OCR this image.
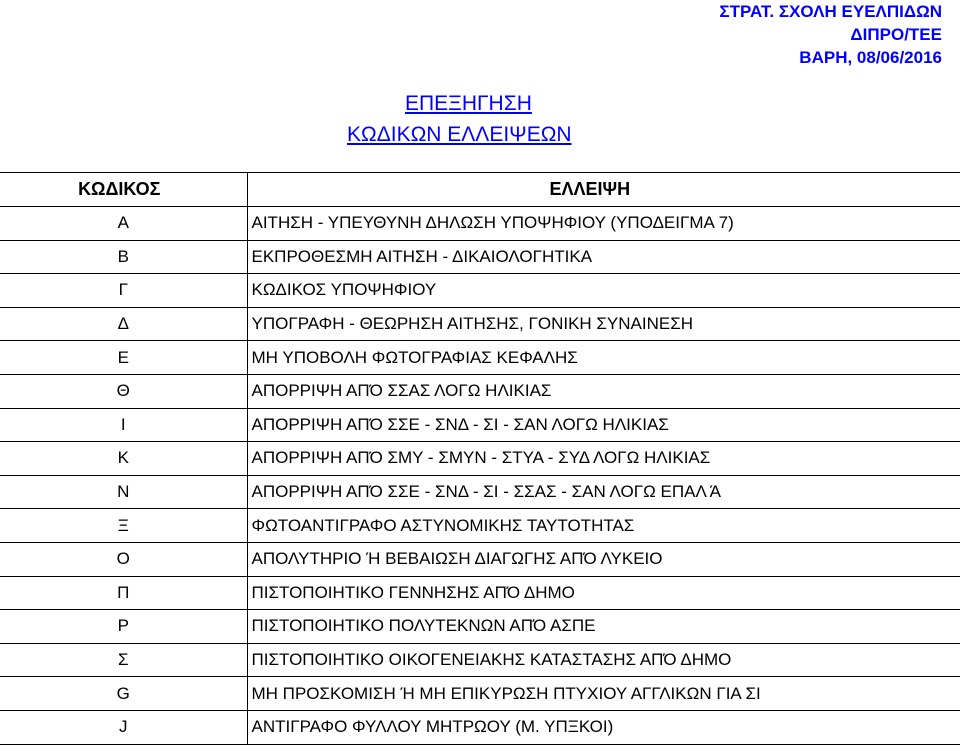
ΣΤΡΑΤ. ΣΧΟΛΗ ΕΥΕΛΠΙΔΩΝ
ΔΙΠΡΟ/ΤΕΕ
ΒΑΡΗ, 08/06/2016
ΕΠΕΞΗΓΗΣΗ
ΚΩΔΙΚΩΝ ΕΛΛΕΙΨΕΩΝ
ΚΩΔΙΚΟΣ	ΕΛΛΕΙΨΗ
Α	ΑΙΤΗΣΗ - ΥΠΕΥΘΥΝΗ ΔΗΛΩΣΗ ΥΠΟΨΗΦΙΟΥ (ΥΠΟΔΕΙΓΜΑ 7)
Β	ΕΚΠΡΟΘΕΣΜΗ ΑΙΤΗΣΗ - ΔΙΚΑΙΟΛΟΓΗΤΙΚΑ
Γ	ΚΩΔΙΚΟΣ ΥΠΟΨΗΦΙΟΥ
Δ	ΥΠΟΓΡΑΦΗ - ΘΕΩΡΗΣΗ ΑΙΤΗΣΗΣ, ΓΟΝΙΚΗ ΣΥΝΑΙΝΕΣΗ
Ε	ΜΗ ΥΠΟΒΟΛΗ ΦΩΤΟΓΡΑΦΙΑΣ ΚΕΦΑΛΗΣ
Θ	ΑΠΟΡΡΙΨΗ ΑΠΌ ΣΣΑΣ ΛΟΓΩ ΗΛΙΚΙΑΣ
Ι	ΑΠΟΡΡΙΨΗ ΑΠΌ ΣΣΕ - ΣΝΔ - ΣΙ - ΣΑΝ ΛΟΓΩ ΗΛΙΚΙΑΣ
Κ	ΑΠΟΡΡΙΨΗ ΑΠΌ ΣΜΥ - ΣΜΥΝ - ΣΤΥΑ - ΣΥΔ ΛΟΓΩ ΗΛΙΚΙΑΣ
Ν	ΑΠΟΡΡΙΨΗ ΑΠΌ ΣΣΕ - ΣΝΔ - ΣΙ - ΣΣΑΣ - ΣΑΝ ΛΟΓΩ ΕΠΑΛ Ά
Ξ	ΦΩΤΟΑΝΤΙΓΡΑΦΟ ΑΣΤΥΝΟΜΙΚΗΣ ΤΑΥΤΟΤΗΤΑΣ
Ο	ΑΠΟΛΥΤΗΡΙΟ Ή ΒΕΒΑΙΩΣΗ ΔΙΑΓΩΓΗΣ ΑΠΌ ΛΥΚΕΙΟ
Π	ΠΙΣΤΟΠΟΙΗΤΙΚΟ ΓΕΝΝΗΣΗΣ ΑΠΌ ΔΗΜΟ
Ρ	ΠΙΣΤΟΠΟΙΗΤΙΚΟ ΠΟΛΥΤΕΚΝΩΝ ΑΠΌ ΑΣΠΕ
Σ	ΠΙΣΤΟΠΟΙΗΤΙΚΟ ΟΙΚΟΓΕΝΕΙΑΚΗΣ ΚΑΤΑΣΤΑΣΗΣ ΑΠΌ ΔΗΜΟ
G	ΜΗ ΠΡΟΣΚΟΜΙΣΗ Ή ΜΗ ΕΠΙΚΥΡΩΣΗ ΠΤΥΧΙΟΥ ΑΓΓΛΙΚΩΝ ΓΙΑ ΣΙ
J	ΑΝΤΙΓΡΑΦΟ ΦΥΛΛΟΥ ΜΗΤΡΩΟΥ (Μ. ΥΠΞΚΟΙ)
